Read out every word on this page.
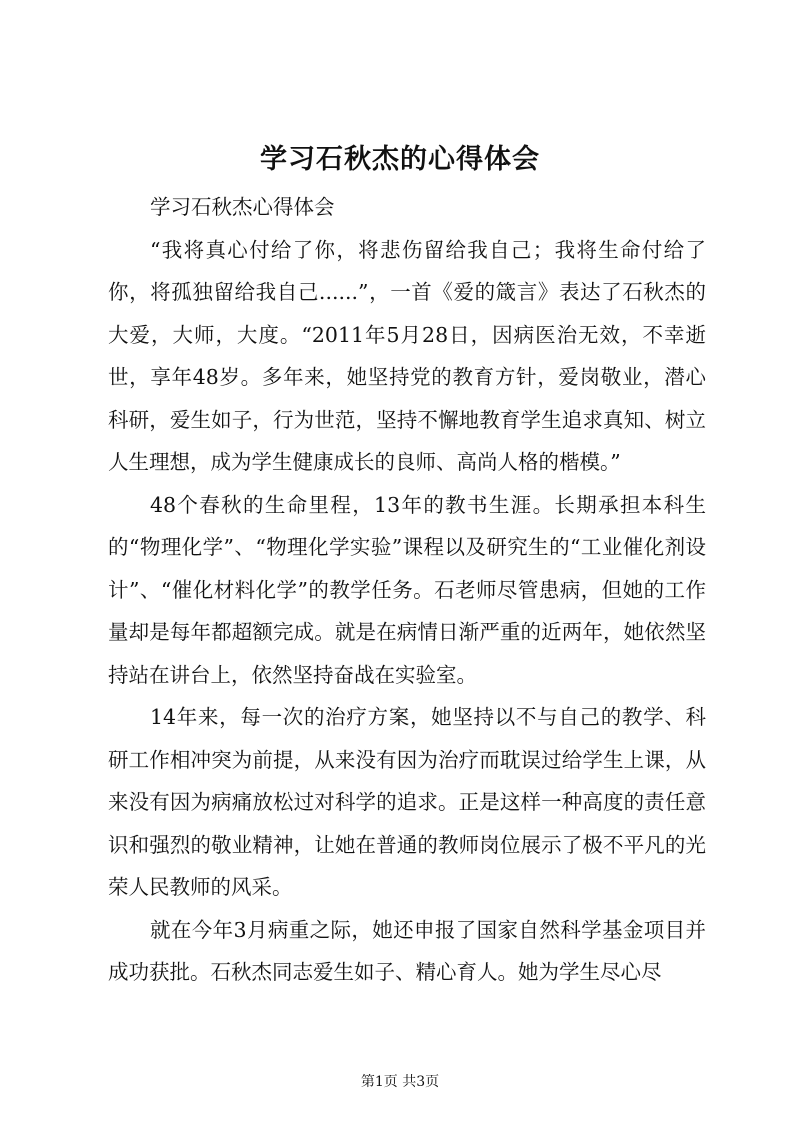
学习石秋杰的心得体会

学习石秋杰心得体会

“我将真心付给了你，将悲伤留给我自己；我将生命付给了你，将孤独留给我自己......”，一首《爱的箴言》表达了石秋杰的大爱，大师，大度。“2011年5月28日，因病医治无效，不幸逝世，享年48岁。多年来，她坚持党的教育方针，爱岗敬业，潜心科研，爱生如子，行为世范，坚持不懈地教育学生追求真知、树立人生理想，成为学生健康成长的良师、高尚人格的楷模。”

48个春秋的生命里程，13年的教书生涯。长期承担本科生的“物理化学”、“物理化学实验”课程以及研究生的“工业催化剂设计”、“催化材料化学”的教学任务。石老师尽管患病，但她的工作量却是每年都超额完成。就是在病情日渐严重的近两年，她依然坚持站在讲台上，依然坚持奋战在实验室。

14年来，每一次的治疗方案，她坚持以不与自己的教学、科研工作相冲突为前提，从来没有因为治疗而耽误过给学生上课，从来没有因为病痛放松过对科学的追求。正是这样一种高度的责任意识和强烈的敬业精神，让她在普通的教师岗位展示了极不平凡的光荣人民教师的风采。

就在今年3月病重之际，她还申报了国家自然科学基金项目并成功获批。石秋杰同志爱生如子、精心育人。她为学生尽心尽

第1页 共3页
